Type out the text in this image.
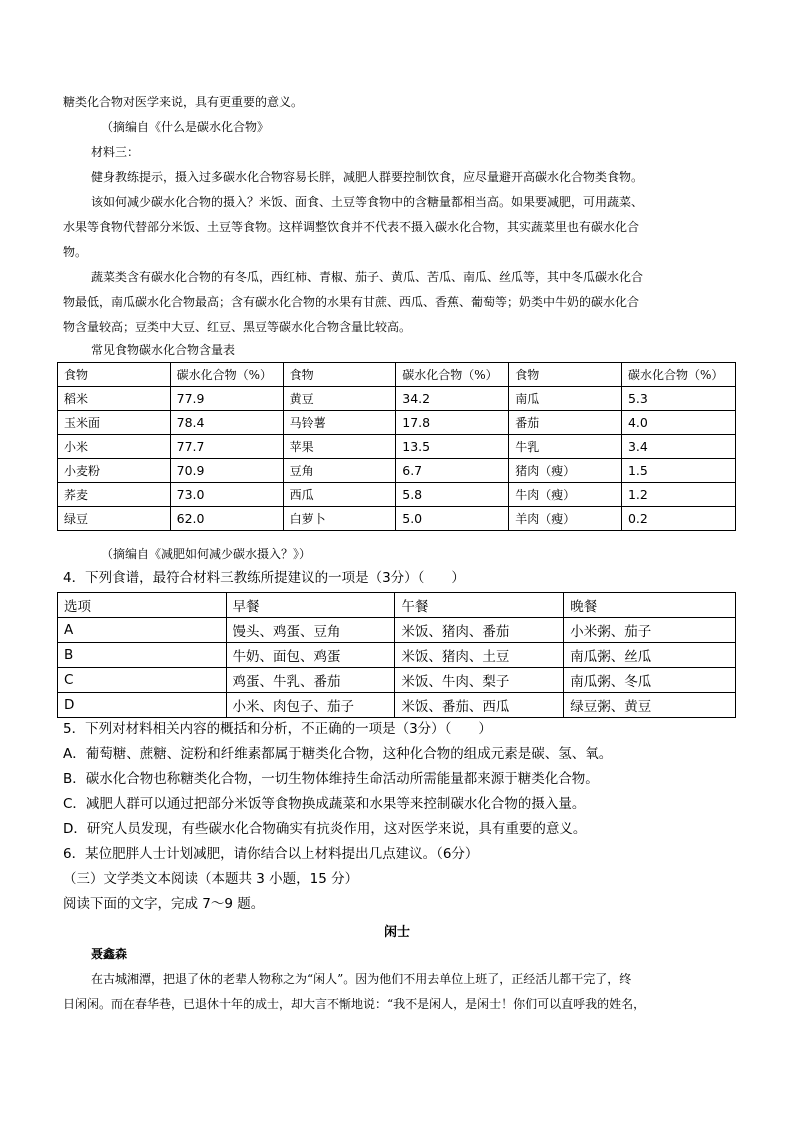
糖类化合物对医学来说，具有更重要的意义。
（摘编自《什么是碳水化合物》
材料三：
健身教练提示，摄入过多碳水化合物容易长胖，减肥人群要控制饮食，应尽量避开高碳水化合物类食物。
该如何减少碳水化合物的摄入？米饭、面食、土豆等食物中的含糖量都相当高。如果要减肥，可用蔬菜、
水果等食物代替部分米饭、土豆等食物。这样调整饮食并不代表不摄入碳水化合物，其实蔬菜里也有碳水化合
物。
蔬菜类含有碳水化合物的有冬瓜，西红柿、青椒、茄子、黄瓜、苦瓜、南瓜、丝瓜等，其中冬瓜碳水化合
物最低，南瓜碳水化合物最高；含有碳水化合物的水果有甘蔗、西瓜、香蕉、葡萄等；奶类中牛奶的碳水化合
物含量较高；豆类中大豆、红豆、黑豆等碳水化合物含量比较高。
常见食物碳水化合物含量表
食物	碳水化合物（%）	食物	碳水化合物（%）	食物	碳水化合物（%）
稻米	77.9	黄豆	34.2	南瓜	5.3
玉米面	78.4	马铃薯	17.8	番茄	4.0
小米	77.7	苹果	13.5	牛乳	3.4
小麦粉	70.9	豆角	6.7	猪肉（瘦）	1.5
荞麦	73.0	西瓜	5.8	牛肉（瘦）	1.2
绿豆	62.0	白萝卜	5.0	羊肉（瘦）	0.2
（摘编自《减肥如何减少碳水摄入？》）
4．下列食谱，最符合材料三教练所提建议的一项是（3分）（　　）
选项	早餐	午餐	晚餐
A	馒头、鸡蛋、豆角	米饭、猪肉、番茄	小米粥、茄子
B	牛奶、面包、鸡蛋	米饭、猪肉、土豆	南瓜粥、丝瓜
C	鸡蛋、牛乳、番茄	米饭、牛肉、梨子	南瓜粥、冬瓜
D	小米、肉包子、茄子	米饭、番茄、西瓜	绿豆粥、黄豆
5．下列对材料相关内容的概括和分析，不正确的一项是（3分）（　　）
A．葡萄糖、蔗糖、淀粉和纤维素都属于糖类化合物，这种化合物的组成元素是碳、氢、氧。
B．碳水化合物也称糖类化合物，一切生物体维持生命活动所需能量都来源于糖类化合物。
C．减肥人群可以通过把部分米饭等食物换成蔬菜和水果等来控制碳水化合物的摄入量。
D．研究人员发现，有些碳水化合物确实有抗炎作用，这对医学来说，具有重要的意义。
6．某位肥胖人士计划减肥，请你结合以上材料提出几点建议。（6分）
（三）文学类文本阅读（本题共 3 小题，15 分）
阅读下面的文字，完成 7～9 题。
闲士
聂鑫森
在古城湘潭，把退了休的老辈人物称之为“闲人”。因为他们不用去单位上班了，正经活儿都干完了，终
日闲闲。而在春华巷，已退休十年的成士，却大言不惭地说：“我不是闲人，是闲士！你们可以直呼我的姓名，
